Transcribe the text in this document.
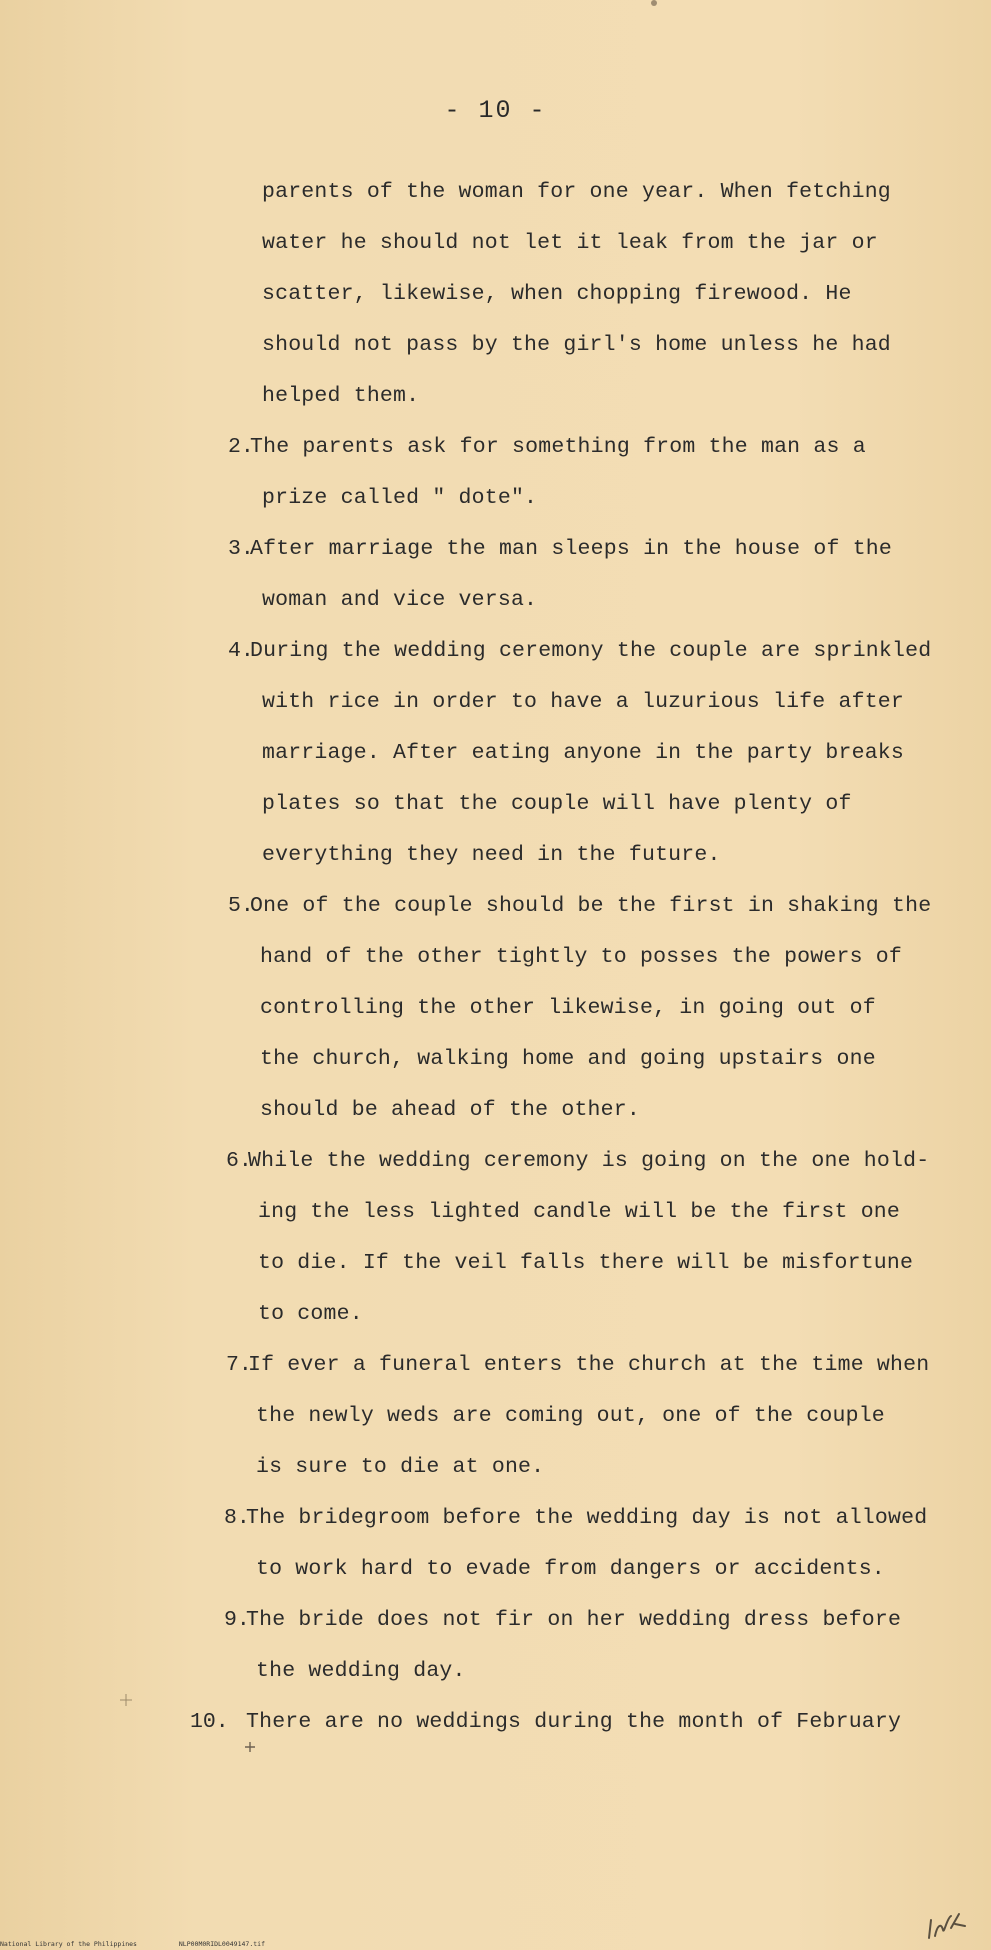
- 10 -
parents of the woman for one year. When fetching
water he should not let it leak from the jar or
scatter, likewise, when chopping firewood. He
should not pass by the girl's home unless he had
helped them.
2.
The parents ask for something from the man as a
prize called " dote".
3.
After marriage the man sleeps in the house of the
woman and vice versa.
4.
During the wedding ceremony the couple are sprinkled
with rice in order to have a luzurious life after
marriage. After eating anyone in the party breaks
plates so that the couple will have plenty of
everything they need in the future.
5.
One of the couple should be the first in shaking the
hand of the other tightly to posses the powers of
controlling the other likewise, in going out of
the church, walking home and going upstairs one
should be ahead of the other.
6.
While the wedding ceremony is going on the one hold-
ing the less lighted candle will be the first one
to die. If the veil falls there will be misfortune
to come.
7.
If ever a funeral enters the church at the time when
the newly weds are coming out, one of the couple
is sure to die at one.
8.
The bridegroom before the wedding day is not allowed
to work hard to evade from dangers or accidents.
9.
The bride does not fir on her wedding dress before
the wedding day.
10. There are no weddings during the month of February
National Library of the Philippines	NLP00M0RIDL0049147.tif
